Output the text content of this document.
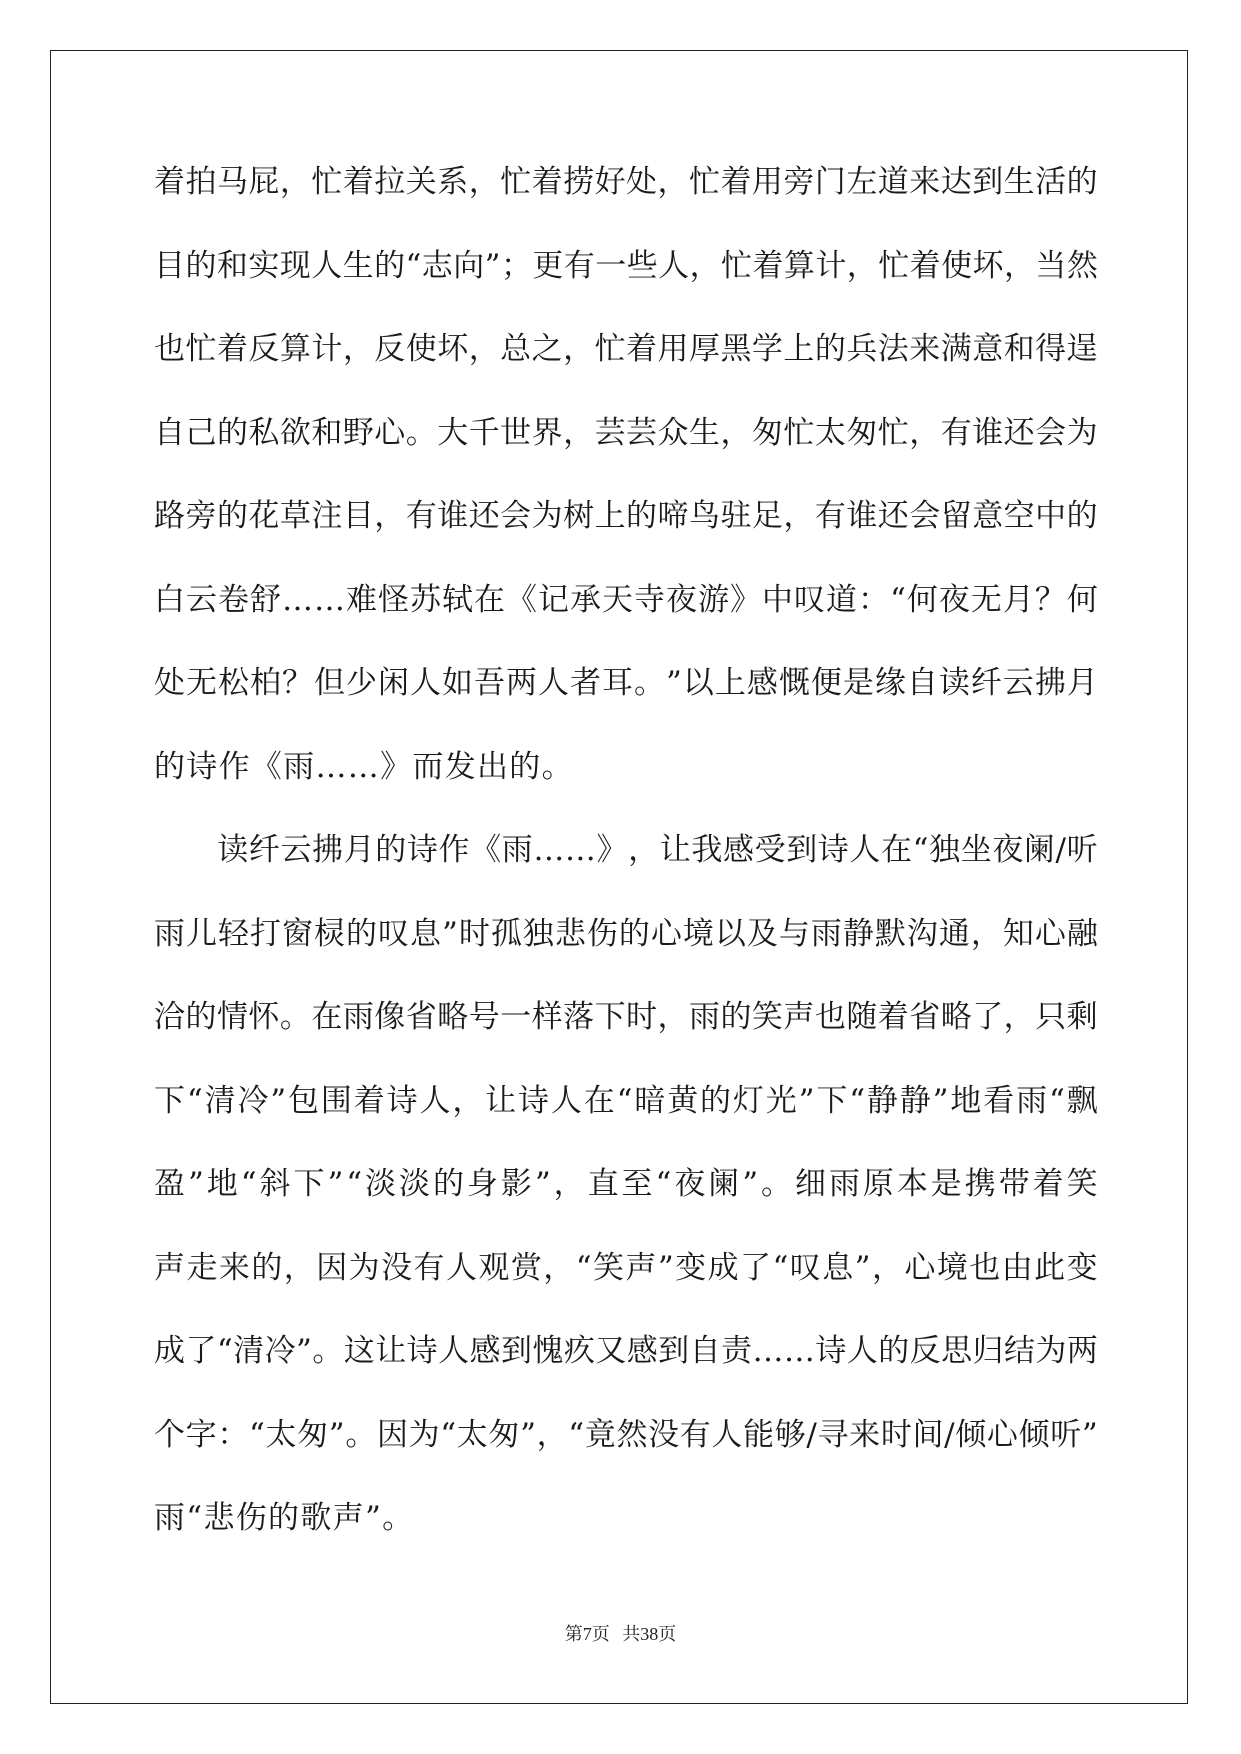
着 拍 马 屁 ， 忙 着 拉 关 系 ， 忙 着 捞 好 处 ， 忙 着 用 旁 门 左 道 来 达 到 生 活 的
目 的 和 实 现 人 生 的 “ 志 向 ” ； 更 有 一 些 人 ， 忙 着 算 计 ， 忙 着 使 坏 ， 当 然
也 忙 着 反 算 计 ， 反 使 坏 ， 总 之 ， 忙 着 用 厚 黑 学 上 的 兵 法 来 满 意 和 得 逞
自 己 的 私 欲 和 野 心 。 大 千 世 界 ， 芸 芸 众 生 ， 匆 忙 太 匆 忙 ， 有 谁 还 会 为
路 旁 的 花 草 注 目 ， 有 谁 还 会 为 树 上 的 啼 鸟 驻 足 ， 有 谁 还 会 留 意 空 中 的
白 云 卷 舒 … … 难 怪 苏 轼 在 《 记 承 天 寺 夜 游 》 中 叹 道 ： “ 何 夜 无 月 ？ 何
处 无 松 柏 ？ 但 少 闲 人 如 吾 两 人 者 耳 。 ” 以 上 感 慨 便 是 缘 自 读 纤 云 拂 月
的诗作《雨……》而发出的。

读 纤 云 拂 月 的 诗 作 《 雨 … … 》 ， 让 我 感 受 到 诗 人 在 “ 独 坐 夜 阑 / 听
雨 儿 轻 打 窗 棂 的 叹 息 ” 时 孤 独 悲 伤 的 心 境 以 及 与 雨 静 默 沟 通 ， 知 心 融
洽 的 情 怀 。 在 雨 像 省 略 号 一 样 落 下 时 ， 雨 的 笑 声 也 随 着 省 略 了 ， 只 剩
下 “ 清 冷 ” 包 围 着 诗 人 ， 让 诗 人 在 “ 暗 黄 的 灯 光 ” 下 “ 静 静 ” 地 看 雨 “ 飘
盈 ” 地 “ 斜 下 ” “ 淡 淡 的 身 影 ” ， 直 至 “ 夜 阑 ” 。 细 雨 原 本 是 携 带 着 笑
声 走 来 的 ， 因 为 没 有 人 观 赏 ， “ 笑 声 ” 变 成 了 “ 叹 息 ” ， 心 境 也 由 此 变
成 了 “ 清 冷 ” 。 这 让 诗 人 感 到 愧 疚 又 感 到 自 责 … … 诗 人 的 反 思 归 结 为 两
个 字 ： “ 太 匆 ” 。 因 为 “ 太 匆 ” ， “ 竟 然 没 有 人 能 够 / 寻 来 时 间 / 倾 心 倾 听 ”
雨“悲伤的歌声”。
第7页 共38页
